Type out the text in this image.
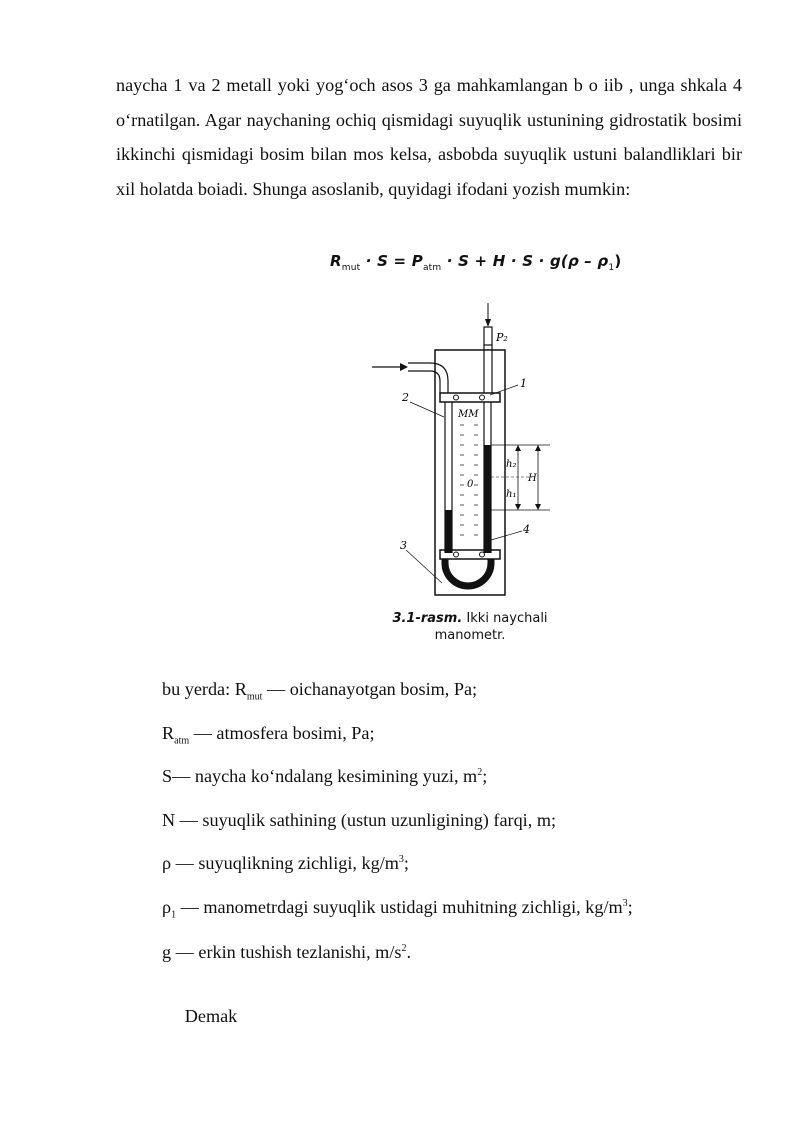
naycha 1 va 2 metall yoki yog‘och asos 3 ga mahkamlangan b o iib , unga shkala 4 o‘rnatilgan. Agar naychaning ochiq qismidagi suyuqlik ustunining gidrostatik bosimi ikkinchi qismidagi bosim bilan mos kelsa, asbobda suyuqlik ustuni balandliklari bir xil holatda boiadi. Shunga asoslanib, quyidagi ifodani yozish mumkin:

$R_{mut} \cdot S = P_{atm} \cdot S + H \cdot S \cdot g(\rho - \rho_1)$
P₂
MM
0
h₂
h₁
H
1
2
4
3
3.1-rasm. Ikki naychali manometr.
bu yerda: $R_{mut}$ — oichanayotgan bosim, Pa;
$R_{atm}$ — atmosfera bosimi, Pa;
S— naycha ko‘ndalang kesimining yuzi, $m^2$;
N — suyuqlik sathining (ustun uzunligining) farqi, m;
ρ — suyuqlikning zichligi, $kg/m^3$;
$\rho_1$ — manometrdagi suyuqlik ustidagi muhitning zichligi, $kg/m^3$;
g — erkin tushish tezlanishi, $m/s^2$.

Demak
